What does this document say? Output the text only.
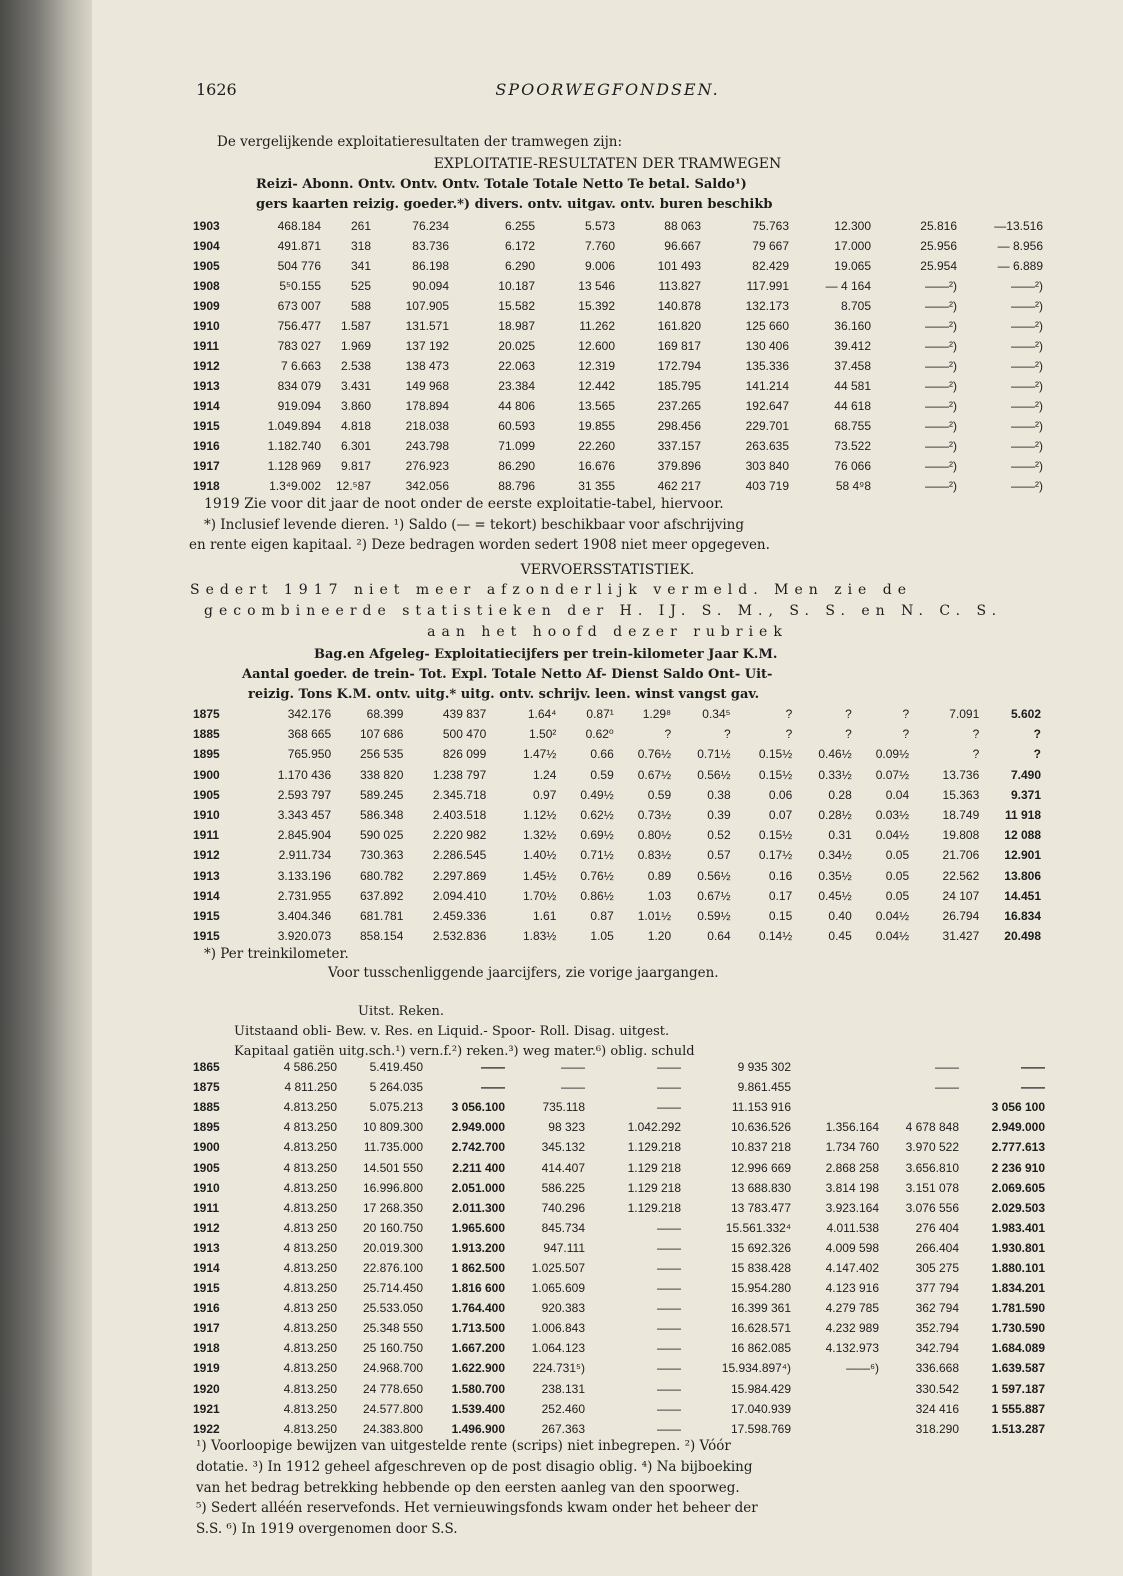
1626	SPOORWEGFONDSEN.
De vergelijkende exploitatieresultaten der tramwegen zijn:
EXPLOITATIE-RESULTATEN DER TRAMWEGEN
Reizi- Abonn. Ontv. Ontv. Ontv. Totale Totale Netto Te betal. Saldo¹)
gers kaarten reizig. goeder.*) divers. ontv. uitgav. ontv. buren beschikb
1903	468.184	261	76.234	6.255	5.573	88 063	75.763	12.300	25.816	—13.516
1904	491.871	318	83.736	6.172	7.760	96.667	79 667	17.000	25.956	— 8.956
1905	504 776	341	86.198	6.290	9.006	101 493	82.429	19.065	25.954	— 6.889
1908	5⁵0.155	525	90.094	10.187	13 546	113.827	117.991	— 4 164	——²)	——²)
1909	673 007	588	107.905	15.582	15.392	140.878	132.173	8.705	——²)	——²)
1910	756.477	1.587	131.571	18.987	11.262	161.820	125 660	36.160	——²)	——²)
1911	783 027	1.969	137 192	20.025	12.600	169 817	130 406	39.412	——²)	——²)
1912	7 6.663	2.538	138 473	22.063	12.319	172.794	135.336	37.458	——²)	——²)
1913	834 079	3.431	149 968	23.384	12.442	185.795	141.214	44 581	——²)	——²)
1914	919.094	3.860	178.894	44 806	13.565	237.265	192.647	44 618	——²)	——²)
1915	1.049.894	4.818	218.038	60.593	19.855	298.456	229.701	68.755	——²)	——²)
1916	1.182.740	6.301	243.798	71.099	22.260	337.157	263.635	73.522	——²)	——²)
1917	1.128 969	9.817	276.923	86.290	16.676	379.896	303 840	76 066	——²)	——²)
1918	1.3⁴9.002	12.⁵87	342.056	88.796	31 355	462 217	403 719	58 4⁹8	——²)	——²)
1919 Zie voor dit jaar de noot onder de eerste exploitatie-tabel, hiervoor.
*) Inclusief levende dieren. ¹) Saldo (— = tekort) beschikbaar voor afschrijving
en rente eigen kapitaal. ²) Deze bedragen worden sedert 1908 niet meer opgegeven.
VERVOERSSTATISTIEK.
Sedert 1917 niet meer afzonderlijk vermeld. Men zie de
gecombineerde statistieken der H. IJ. S. M., S. S. en N. C. S.
aan het hoofd dezer rubriek
Bag.en Afgeleg- Exploitatiecijfers per trein-kilometer Jaar K.M.
Aantal goeder. de trein- Tot. Expl. Totale Netto Af- Dienst Saldo Ont- Uit-
reizig. Tons K.M. ontv. uitg.* uitg. ontv. schrijv. leen. winst vangst gav.
1875	342.176	68.399	439 837	1.64⁴	0.87¹	1.29⁸	0.34⁵	?	?	?	7.091	5.602
1885	368 665	107 686	500 470	1.50²	0.62⁰	?	?	?	?	?	?	?
1895	765.950	256 535	826 099	1.47½	0.66	0.76½	0.71½	0.15½	0.46½	0.09½	?	?
1900	1.170 436	338 820	1.238 797	1.24	0.59	0.67½	0.56½	0.15½	0.33½	0.07½	13.736	7.490
1905	2.593 797	589.245	2.345.718	0.97	0.49½	0.59	0.38	0.06	0.28	0.04	15.363	9.371
1910	3.343 457	586.348	2.403.518	1.12½	0.62½	0.73½	0.39	0.07	0.28½	0.03½	18.749	11 918
1911	2.845.904	590 025	2.220 982	1.32½	0.69½	0.80½	0.52	0.15½	0.31	0.04½	19.808	12 088
1912	2.911.734	730.363	2.286.545	1.40½	0.71½	0.83½	0.57	0.17½	0.34½	0.05	21.706	12.901
1913	3.133.196	680.782	2.297.869	1.45½	0.76½	0.89	0.56½	0.16	0.35½	0.05	22.562	13.806
1914	2.731.955	637.892	2.094.410	1.70½	0.86½	1.03	0.67½	0.17	0.45½	0.05	24 107	14.451
1915	3.404.346	681.781	2.459.336	1.61	0.87	1.01½	0.59½	0.15	0.40	0.04½	26.794	16.834
1915	3.920.073	858.154	2.532.836	1.83½	1.05	1.20	0.64	0.14½	0.45	0.04½	31.427	20.498
*) Per treinkilometer.
Voor tusschenliggende jaarcijfers, zie vorige jaargangen.
Uitst. Reken.
Uitstaand obli- Bew. v. Res. en Liquid.- Spoor- Roll. Disag. uitgest.
Kapitaal gatiën uitg.sch.¹) vern.f.²) reken.³) weg mater.⁶) oblig. schuld
1865	4 586.250	5.419.450	——	——	——	9 935 302		——	——
1875	4 811.250	5 264.035	——	——	——	9.861.455		——	——
1885	4.813.250	5.075.213	3 056.100	735.118	——	11.153 916			3 056 100
1895	4 813.250	10 809.300	2.949.000	98 323	1.042.292	10.636.526	1.356.164	4 678 848	2.949.000
1900	4.813.250	11.735.000	2.742.700	345.132	1.129.218	10.837 218	1.734 760	3.970 522	2.777.613
1905	4 813.250	14.501 550	2.211 400	414.407	1.129 218	12.996 669	2.868 258	3.656.810	2 236 910
1910	4.813.250	16.996.800	2.051.000	586.225	1.129 218	13 688.830	3.814 198	3.151 078	2.069.605
1911	4.813.250	17 268.350	2.011.300	740.296	1.129.218	13 783.477	3.923.164	3.076 556	2.029.503
1912	4.813 250	20 160.750	1.965.600	845.734	——	15.561.332⁴	4.011.538	276 404	1.983.401
1913	4 813.250	20.019.300	1.913.200	947.111	——	15 692.326	4.009 598	266.404	1.930.801
1914	4.813.250	22.876.100	1 862.500	1.025.507	——	15 838.428	4.147.402	305 275	1.880.101
1915	4.813.250	25.714.450	1.816 600	1.065.609	——	15.954.280	4.123 916	377 794	1.834.201
1916	4.813 250	25.533.050	1.764.400	920.383	——	16.399 361	4.279 785	362 794	1.781.590
1917	4.813.250	25.348 550	1.713.500	1.006.843	——	16.628.571	4.232 989	352.794	1.730.590
1918	4.813.250	25 160.750	1.667.200	1.064.123	——	16 862.085	4.132.973	342.794	1.684.089
1919	4.813.250	24.968.700	1.622.900	224.731⁵)	——	15.934.897⁴)	——⁶)	336.668	1.639.587
1920	4.813.250	24 778.650	1.580.700	238.131	——	15.984.429		330.542	1 597.187
1921	4.813.250	24.577.800	1.539.400	252.460	——	17.040.939		324 416	1 555.887
1922	4.813.250	24.383.800	1.496.900	267.363	——	17.598.769		318.290	1.513.287
¹) Voorloopige bewijzen van uitgestelde rente (scrips) niet inbegrepen. ²) Vóór
dotatie. ³) In 1912 geheel afgeschreven op de post disagio oblig. ⁴) Na bijboeking
van het bedrag betrekking hebbende op den eersten aanleg van den spoorweg.
⁵) Sedert alléén reservefonds. Het vernieuwingsfonds kwam onder het beheer der
S.S. ⁶) In 1919 overgenomen door S.S.
